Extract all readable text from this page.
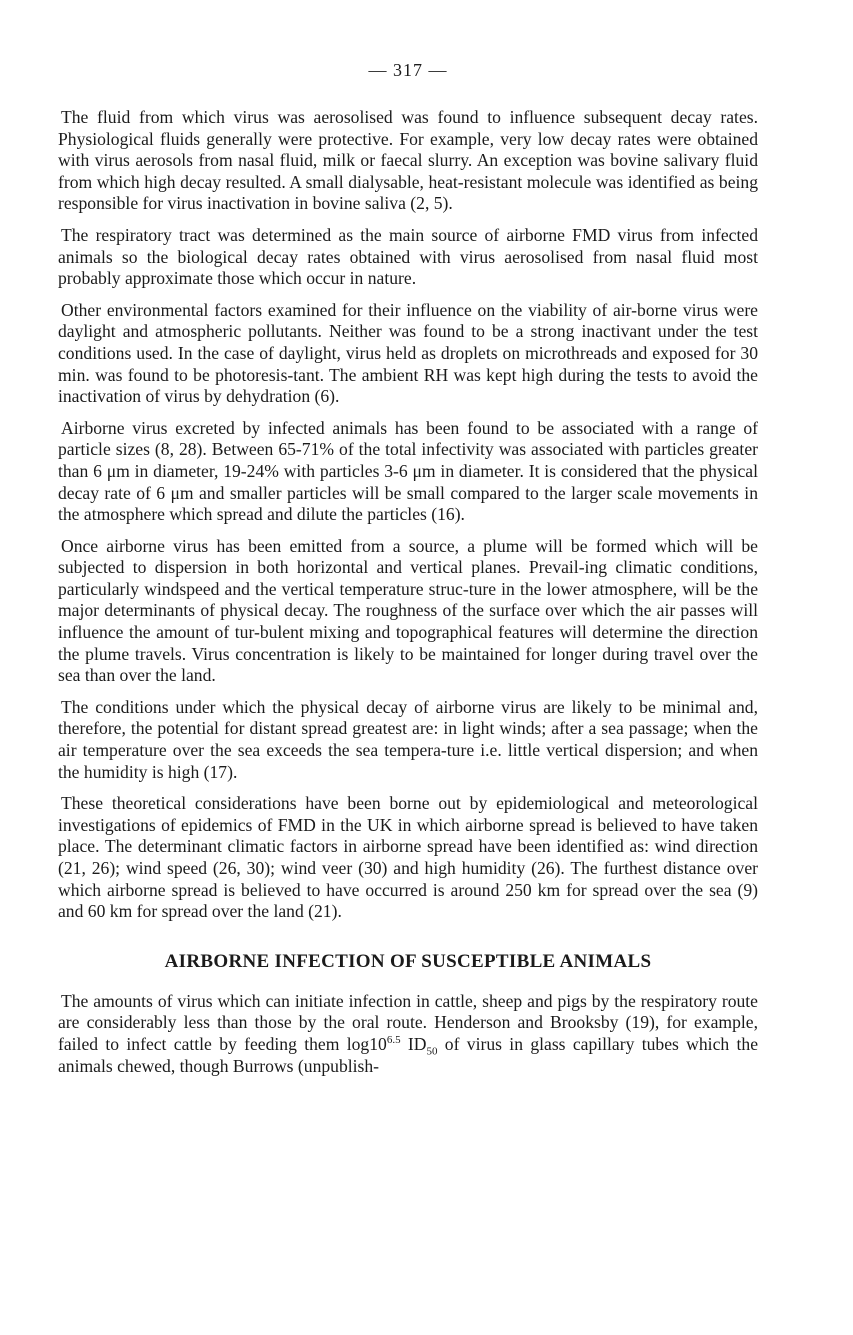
— 317 —

The fluid from which virus was aerosolised was found to influence subsequent decay rates. Physiological fluids generally were protective. For example, very low decay rates were obtained with virus aerosols from nasal fluid, milk or faecal slurry. An exception was bovine salivary fluid from which high decay resulted. A small dialysable, heat-resistant molecule was identified as being responsible for virus inactivation in bovine saliva (2, 5).

The respiratory tract was determined as the main source of airborne FMD virus from infected animals so the biological decay rates obtained with virus aerosolised from nasal fluid most probably approximate those which occur in nature.

Other environmental factors examined for their influence on the viability of air-borne virus were daylight and atmospheric pollutants. Neither was found to be a strong inactivant under the test conditions used. In the case of daylight, virus held as droplets on microthreads and exposed for 30 min. was found to be photoresis-tant. The ambient RH was kept high during the tests to avoid the inactivation of virus by dehydration (6).

Airborne virus excreted by infected animals has been found to be associated with a range of particle sizes (8, 28). Between 65-71% of the total infectivity was associated with particles greater than 6 μm in diameter, 19-24% with particles 3-6 μm in diameter. It is considered that the physical decay rate of 6 μm and smaller particles will be small compared to the larger scale movements in the atmosphere which spread and dilute the particles (16).

Once airborne virus has been emitted from a source, a plume will be formed which will be subjected to dispersion in both horizontal and vertical planes. Prevail-ing climatic conditions, particularly windspeed and the vertical temperature struc-ture in the lower atmosphere, will be the major determinants of physical decay. The roughness of the surface over which the air passes will influence the amount of tur-bulent mixing and topographical features will determine the direction the plume travels. Virus concentration is likely to be maintained for longer during travel over the sea than over the land.

The conditions under which the physical decay of airborne virus are likely to be minimal and, therefore, the potential for distant spread greatest are: in light winds; after a sea passage; when the air temperature over the sea exceeds the sea tempera-ture i.e. little vertical dispersion; and when the humidity is high (17).

These theoretical considerations have been borne out by epidemiological and meteorological investigations of epidemics of FMD in the UK in which airborne spread is believed to have taken place. The determinant climatic factors in airborne spread have been identified as: wind direction (21, 26); wind speed (26, 30); wind veer (30) and high humidity (26). The furthest distance over which airborne spread is believed to have occurred is around 250 km for spread over the sea (9) and 60 km for spread over the land (21).

AIRBORNE INFECTION OF SUSCEPTIBLE ANIMALS

The amounts of virus which can initiate infection in cattle, sheep and pigs by the respiratory route are considerably less than those by the oral route. Henderson and Brooksby (19), for example, failed to infect cattle by feeding them $\log 10^{6.5}$ $ID_{50}$ of virus in glass capillary tubes which the animals chewed, though Burrows (unpublish-
